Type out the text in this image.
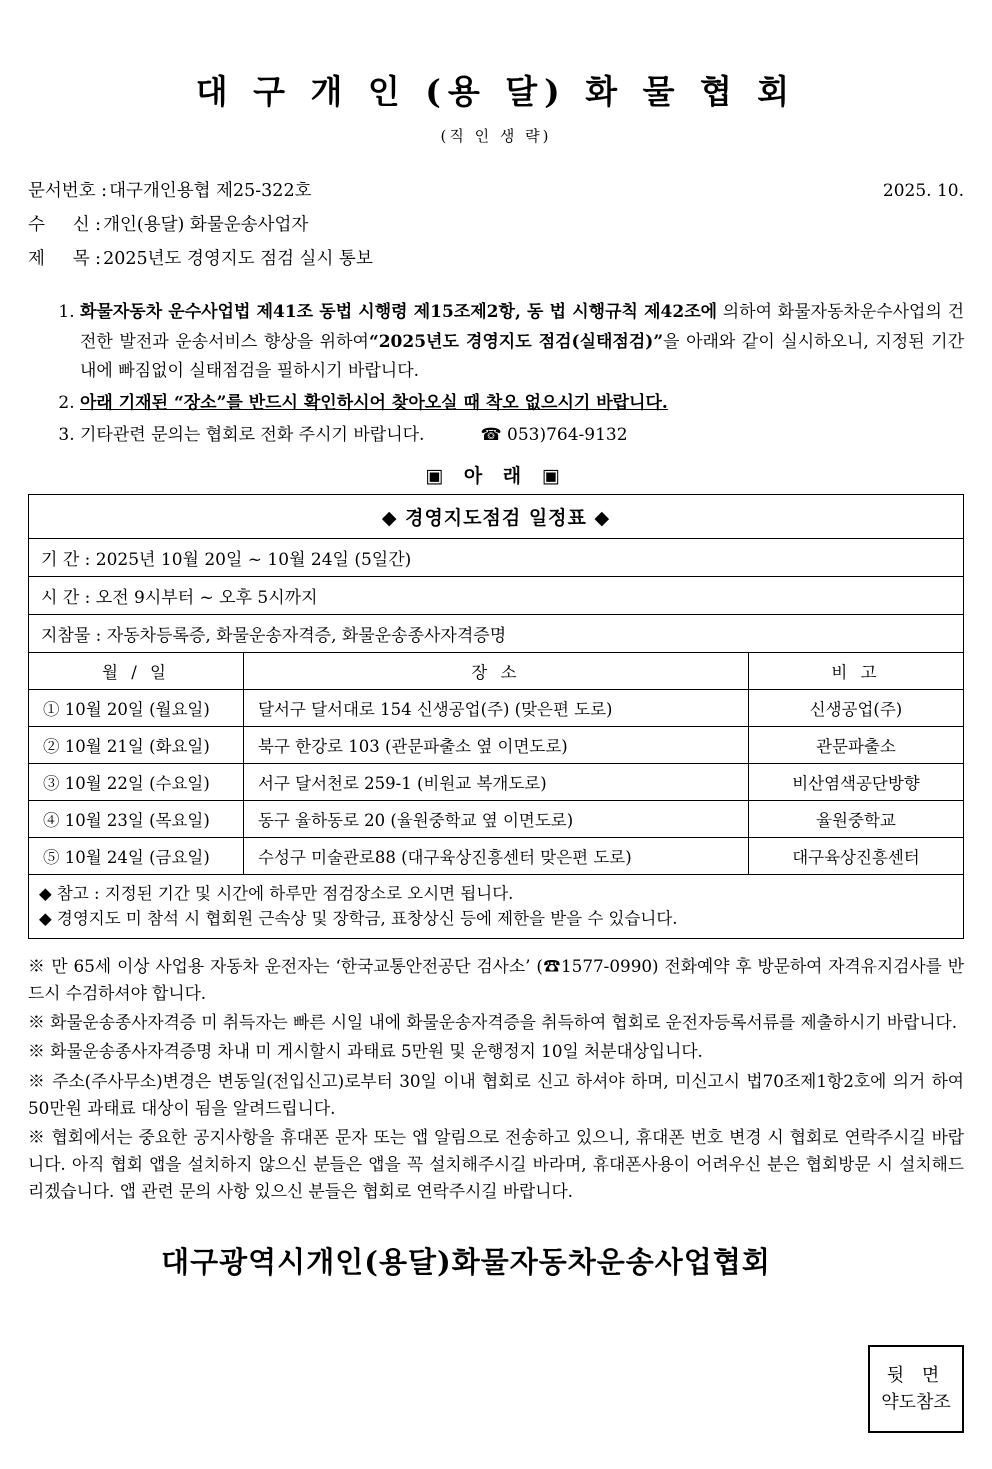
대 구 개 인 (용 달) 화 물 협 회
(직 인 생 략)
문서번호 : 대구개인용협 제25-322호	2025. 10.
수     신 : 개인(용달) 화물운송사업자
제     목 : 2025년도 경영지도 점검 실시 통보
1. 화물자동차 운수사업법 제41조 동법 시행령 제15조제2항, 동 법 시행규칙 제42조에 의하여 화물자동차운수사업의 건전한 발전과 운송서비스 향상을 위하여“2025년도 경영지도 점검(실태점검)”을 아래와 같이 실시하오니, 지정된 기간 내에 빠짐없이 실태점검을 필하시기 바랍니다.
2. 아래 기재된 “장소”를 반드시 확인하시어 찾아오실 때 착오 없으시기 바랍니다.
3. 기타관련 문의는 협회로 전화 주시기 바랍니다.	☎ 053)764-9132
▣ 아 래 ▣
◆ 경영지도점검 일정표 ◆		
기 간 : 2025년 10월 20일 ~ 10월 24일 (5일간)		
시 간 : 오전 9시부터 ~ 오후 5시까지		
지참물 : 자동차등록증, 화물운송자격증, 화물운송종사자격증명		
월 / 일	장 소	비 고
① 10월 20일 (월요일)	달서구 달서대로 154 신생공업(주) (맞은편 도로)	신생공업(주)
② 10월 21일 (화요일)	북구 한강로 103 (관문파출소 옆 이면도로)	관문파출소
③ 10월 22일 (수요일)	서구 달서천로 259-1 (비원교 복개도로)	비산염색공단방향
④ 10월 23일 (목요일)	동구 율하동로 20 (율원중학교 옆 이면도로)	율원중학교
⑤ 10월 24일 (금요일)	수성구 미술관로88 (대구육상진흥센터 맞은편 도로)	대구육상진흥센터

◆ 참고 : 지정된 기간 및 시간에 하루만 점검장소로 오시면 됩니다.
◆ 경영지도 미 참석 시 협회원 근속상 및 장학금, 표창상신 등에 제한을 받을 수 있습니다.		

※ 만 65세 이상 사업용 자동차 운전자는 ‘한국교통안전공단 검사소’ (☎1577-0990) 전화예약 후 방문하여 자격유지검사를 반드시 수검하셔야 합니다.

※ 화물운송종사자격증 미 취득자는 빠른 시일 내에 화물운송자격증을 취득하여 협회로 운전자등록서류를 제출하시기 바랍니다.

※ 화물운송종사자격증명 차내 미 게시할시 과태료 5만원 및 운행정지 10일 처분대상입니다.

※ 주소(주사무소)변경은 변동일(전입신고)로부터 30일 이내 협회로 신고 하셔야 하며, 미신고시 법70조제1항2호에 의거 하여 50만원 과태료 대상이 됨을 알려드립니다.

※ 협회에서는 중요한 공지사항을 휴대폰 문자 또는 앱 알림으로 전송하고 있으니, 휴대폰 번호 변경 시 협회로 연락주시길 바랍니다. 아직 협회 앱을 설치하지 않으신 분들은 앱을 꼭 설치해주시길 바라며, 휴대폰사용이 어려우신 분은 협회방문 시 설치해드리겠습니다. 앱 관련 문의 사항 있으신 분들은 협회로 연락주시길 바랍니다.

대구광역시개인(용달)화물자동차운송사업협회
뒷 면
약도참조
